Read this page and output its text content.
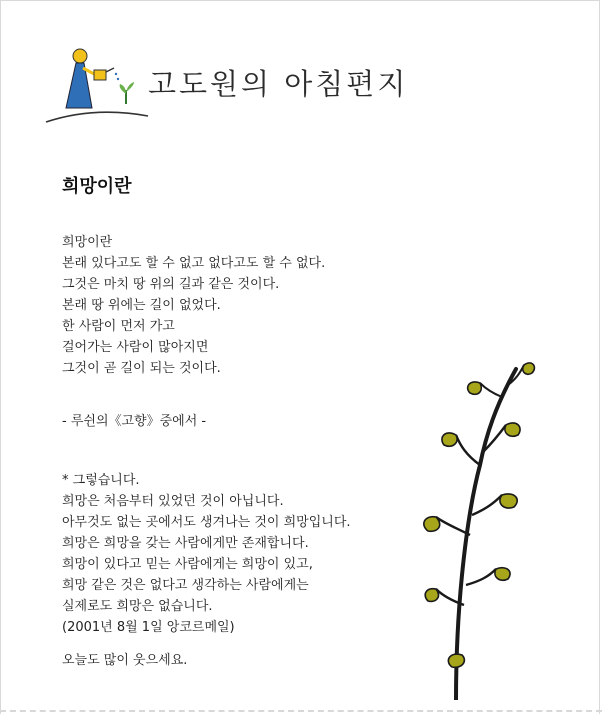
고도원의 아침편지
희망이란
희망이란
본래 있다고도 할 수 없고 없다고도 할 수 없다.
그것은 마치 땅 위의 길과 같은 것이다.
본래 땅 위에는 길이 없었다.
한 사람이 먼저 가고
걸어가는 사람이 많아지면
그것이 곧 길이 되는 것이다.
- 루쉰의《고향》중에서 -
* 그렇습니다.
희망은 처음부터 있었던 것이 아닙니다.
아무것도 없는 곳에서도 생겨나는 것이 희망입니다.
희망은 희망을 갖는 사람에게만 존재합니다.
희망이 있다고 믿는 사람에게는 희망이 있고,
희망 같은 것은 없다고 생각하는 사람에게는
실제로도 희망은 없습니다.
(2001년 8월 1일 앙코르메일)
오늘도 많이 웃으세요.
